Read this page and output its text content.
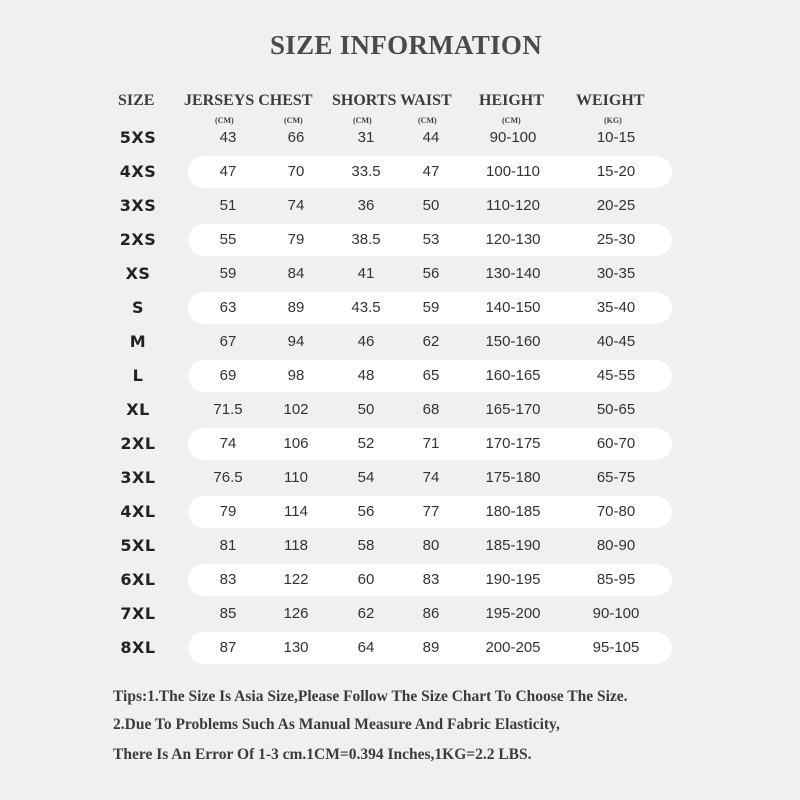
SIZE INFORMATION
SIZE JERSEYS CHEST SHORTS WAIST HEIGHT WEIGHT
(CM)	(CM)	(CM)	(CM)	(CM)	(KG)
5XS	43	66	31	44	90-100	10-15
4XS	47	70	33.5	47	100-110	15-20
3XS	51	74	36	50	110-120	20-25
2XS	55	79	38.5	53	120-130	25-30
XS	59	84	41	56	130-140	30-35
S	63	89	43.5	59	140-150	35-40
M	67	94	46	62	150-160	40-45
L	69	98	48	65	160-165	45-55
XL	71.5	102	50	68	165-170	50-65
2XL	74	106	52	71	170-175	60-70
3XL	76.5	110	54	74	175-180	65-75
4XL	79	114	56	77	180-185	70-80
5XL	81	118	58	80	185-190	80-90
6XL	83	122	60	83	190-195	85-95
7XL	85	126	62	86	195-200	90-100
8XL	87	130	64	89	200-205	95-105
Tips:1.The Size Is Asia Size,Please Follow The Size Chart To Choose The Size.
2.Due To Problems Such As Manual Measure And Fabric Elasticity,
There Is An Error Of 1-3 cm.1CM=0.394 Inches,1KG=2.2 LBS.
